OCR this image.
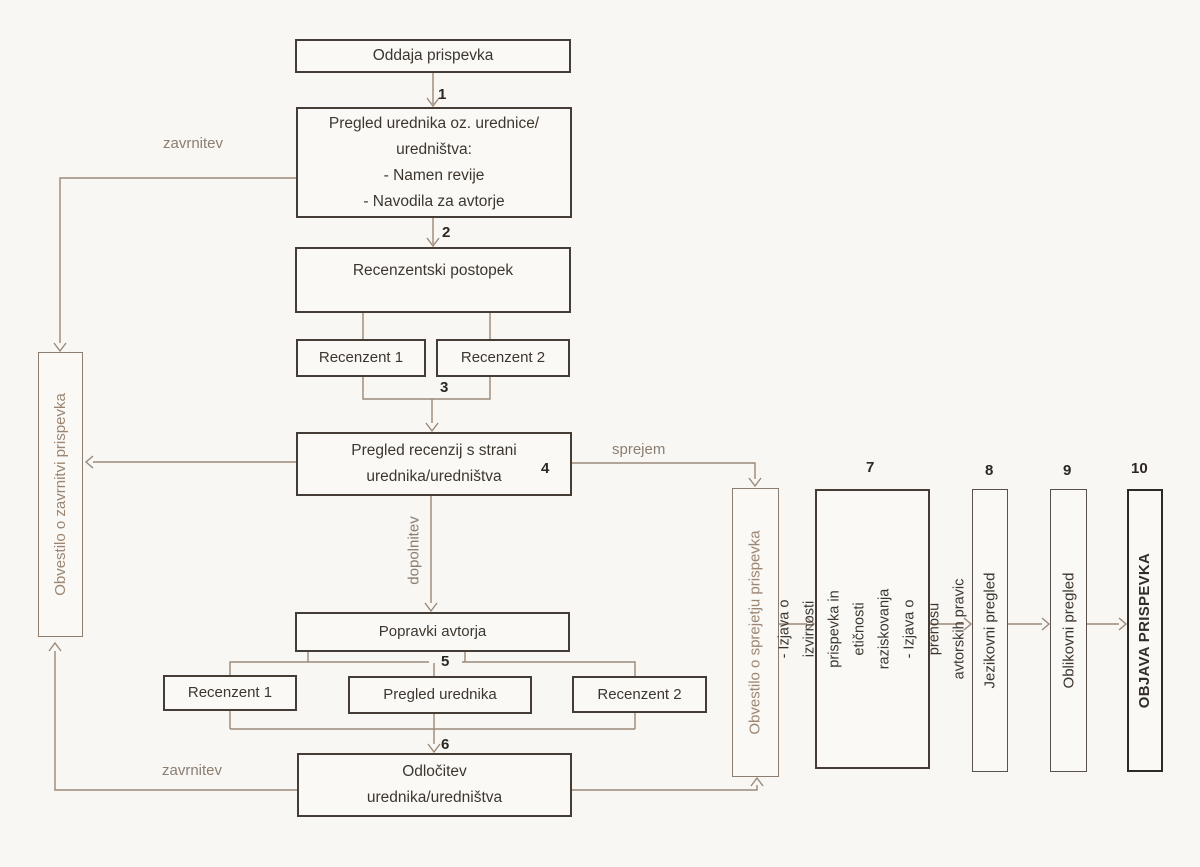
Oddaja prispevka
Pregled urednika oz. urednice/
uredništva:
- Namen revije
- Navodila za avtorje
Recenzentski postopek
Recenzent 1	Recenzent 2
Pregled recenzij s strani
urednika/uredništva
Popravki avtorja
Recenzent 1	Pregled urednika	Recenzent 2
Odločitev
urednika/uredništva
Obvestilo o zavrnitvi prispevka
Obvestilo o sprejetju prispevka - Izjava o izvirnosti prispevka in etičnosti raziskovanja - Izjava o prenosu avtorskih pravic Jezikovni pregled	Oblikovni pregled	OBJAVA PRISPEVKA
1
2
3
4
5
6
7	8	9	10
zavrnitev
sprejem
dopolnitev
zavrnitev
